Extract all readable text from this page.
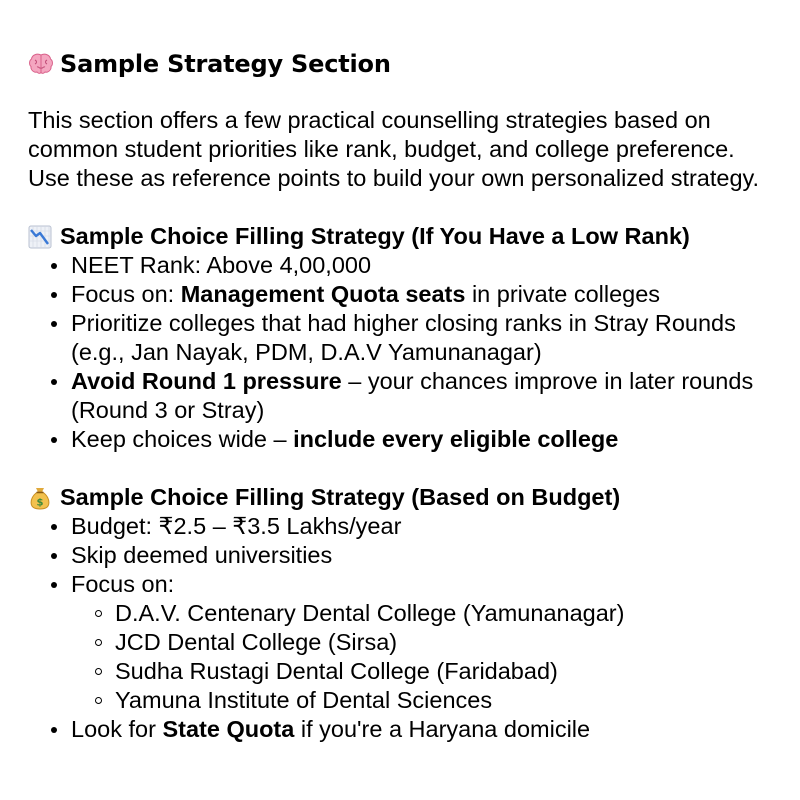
Sample Strategy Section
This section offers a few practical counselling strategies based on common student priorities like rank, budget, and college preference. Use these as reference points to build your own personalized strategy.
Sample Choice Filling Strategy (If You Have a Low Rank)
NEET Rank: Above 4,00,000
Focus on: Management Quota seats in private colleges
Prioritize colleges that had higher closing ranks in Stray Rounds (e.g., Jan Nayak, PDM, D.A.V Yamunanagar)
Avoid Round 1 pressure – your chances improve in later rounds (Round 3 or Stray)
Keep choices wide – include every eligible college
$ Sample Choice Filling Strategy (Based on Budget)
Budget: ₹2.5 – ₹3.5 Lakhs/year
Skip deemed universities
Focus on:
D.A.V. Centenary Dental College (Yamunanagar)
JCD Dental College (Sirsa)
Sudha Rustagi Dental College (Faridabad)
Yamuna Institute of Dental Sciences
Look for State Quota if you're a Haryana domicile
